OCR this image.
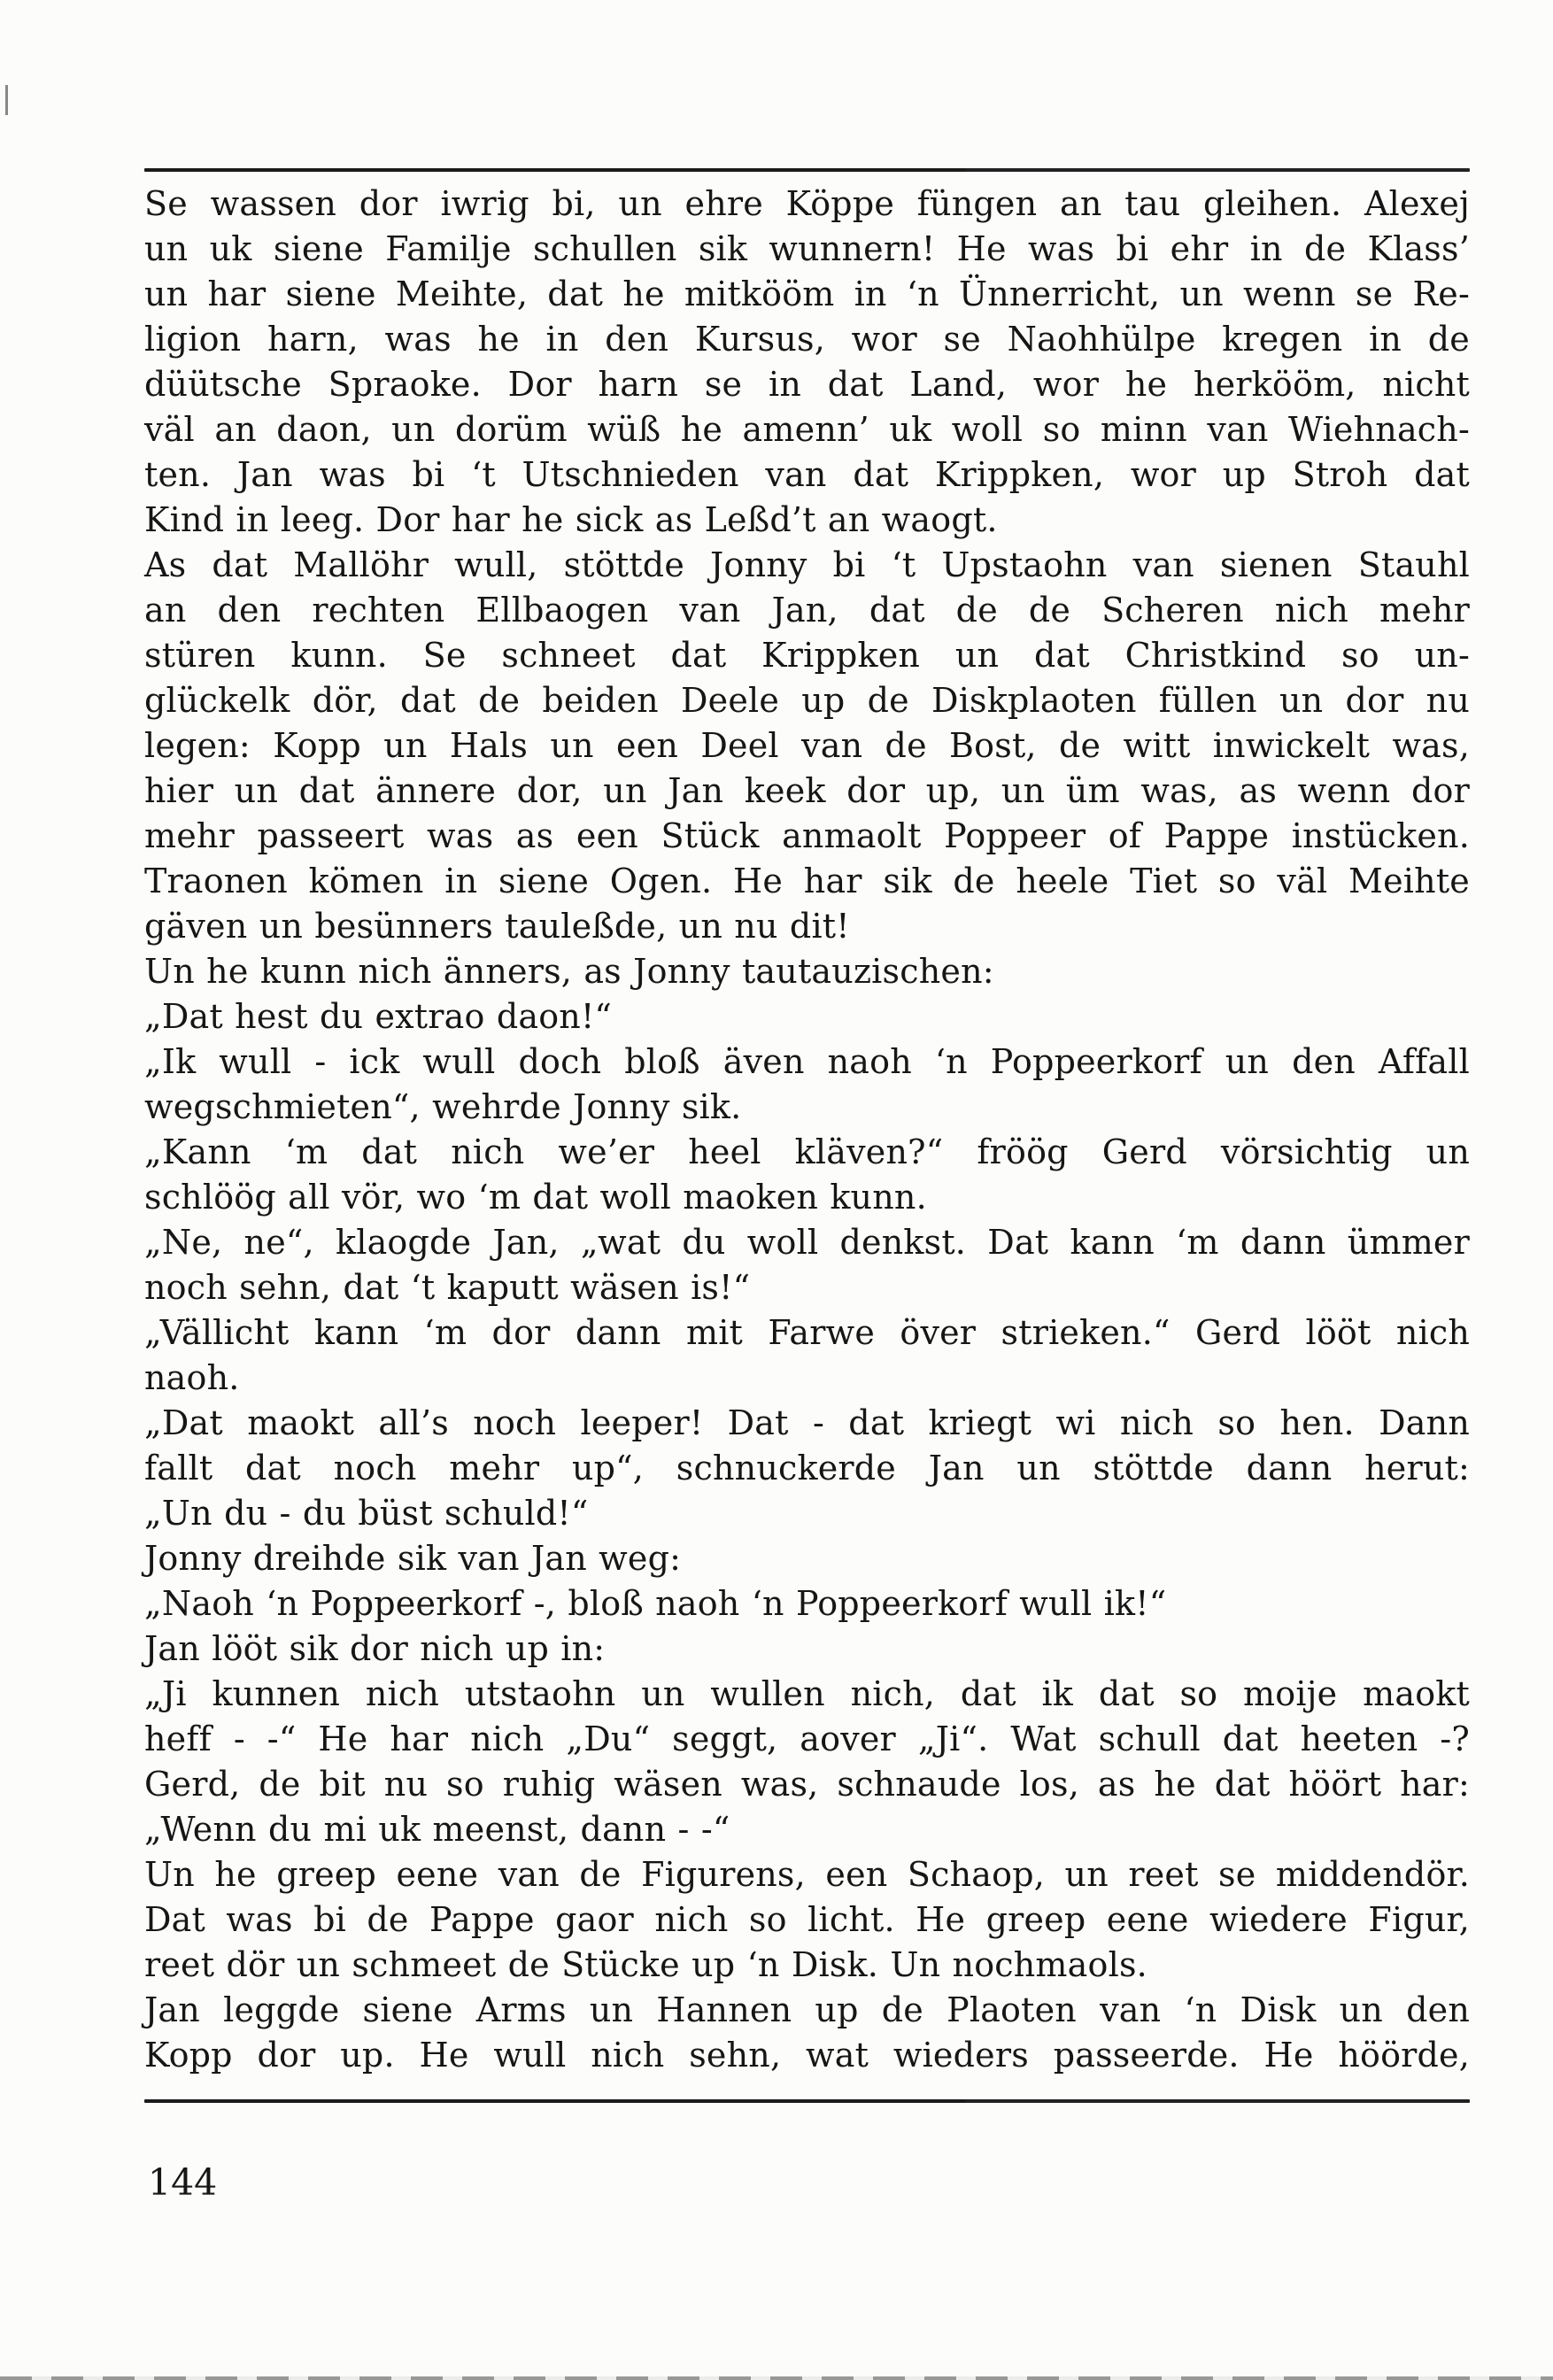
Se wassen dor iwrig bi, un ehre Köppe füngen an tau gleihen. Alexej
un uk siene Familje schullen sik wunnern! He was bi ehr in de Klass’
un har siene Meihte, dat he mitkööm in ‘n Ünnerricht, un wenn se Re-
ligion harn, was he in den Kursus, wor se Naohhülpe kregen in de
düütsche Spraoke. Dor harn se in dat Land, wor he herkööm, nicht
väl an daon, un dorüm wüß he amenn’ uk woll so minn van Wiehnach-
ten. Jan was bi ‘t Utschnieden van dat Krippken, wor up Stroh dat
Kind in leeg. Dor har he sick as Leßd’t an waogt.
As dat Mallöhr wull, stöttde Jonny bi ‘t Upstaohn van sienen Stauhl
an den rechten Ellbaogen van Jan, dat de de Scheren nich mehr
stüren kunn. Se schneet dat Krippken un dat Christkind so un-
glückelk dör, dat de beiden Deele up de Diskplaoten füllen un dor nu
legen: Kopp un Hals un een Deel van de Bost, de witt inwickelt was,
hier un dat ännere dor, un Jan keek dor up, un üm was, as wenn dor
mehr passeert was as een Stück anmaolt Poppeer of Pappe instücken.
Traonen kömen in siene Ogen. He har sik de heele Tiet so väl Meihte
gäven un besünners tauleßde, un nu dit!
Un he kunn nich änners, as Jonny tautauzischen:
„Dat hest du extrao daon!“
„Ik wull - ick wull doch bloß även naoh ‘n Poppeerkorf un den Affall
wegschmieten“, wehrde Jonny sik.
„Kann ‘m dat nich we’er heel kläven?“ fröög Gerd vörsichtig un
schlöög all vör, wo ‘m dat woll maoken kunn.
„Ne, ne“, klaogde Jan, „wat du woll denkst. Dat kann ‘m dann ümmer
noch sehn, dat ‘t kaputt wäsen is!“
„Vällicht kann ‘m dor dann mit Farwe över strieken.“ Gerd lööt nich
naoh.
„Dat maokt all’s noch leeper! Dat - dat kriegt wi nich so hen. Dann
fallt dat noch mehr up“, schnuckerde Jan un stöttde dann herut:
„Un du - du büst schuld!“
Jonny dreihde sik van Jan weg:
„Naoh ‘n Poppeerkorf -, bloß naoh ‘n Poppeerkorf wull ik!“
Jan lööt sik dor nich up in:
„Ji kunnen nich utstaohn un wullen nich, dat ik dat so moije maokt
heff - -“ He har nich „Du“ seggt, aover „Ji“. Wat schull dat heeten -?
Gerd, de bit nu so ruhig wäsen was, schnaude los, as he dat höört har:
„Wenn du mi uk meenst, dann - -“
Un he greep eene van de Figurens, een Schaop, un reet se middendör.
Dat was bi de Pappe gaor nich so licht. He greep eene wiedere Figur,
reet dör un schmeet de Stücke up ‘n Disk. Un nochmaols.
Jan leggde siene Arms un Hannen up de Plaoten van ‘n Disk un den
Kopp dor up. He wull nich sehn, wat wieders passeerde. He höörde,
144
